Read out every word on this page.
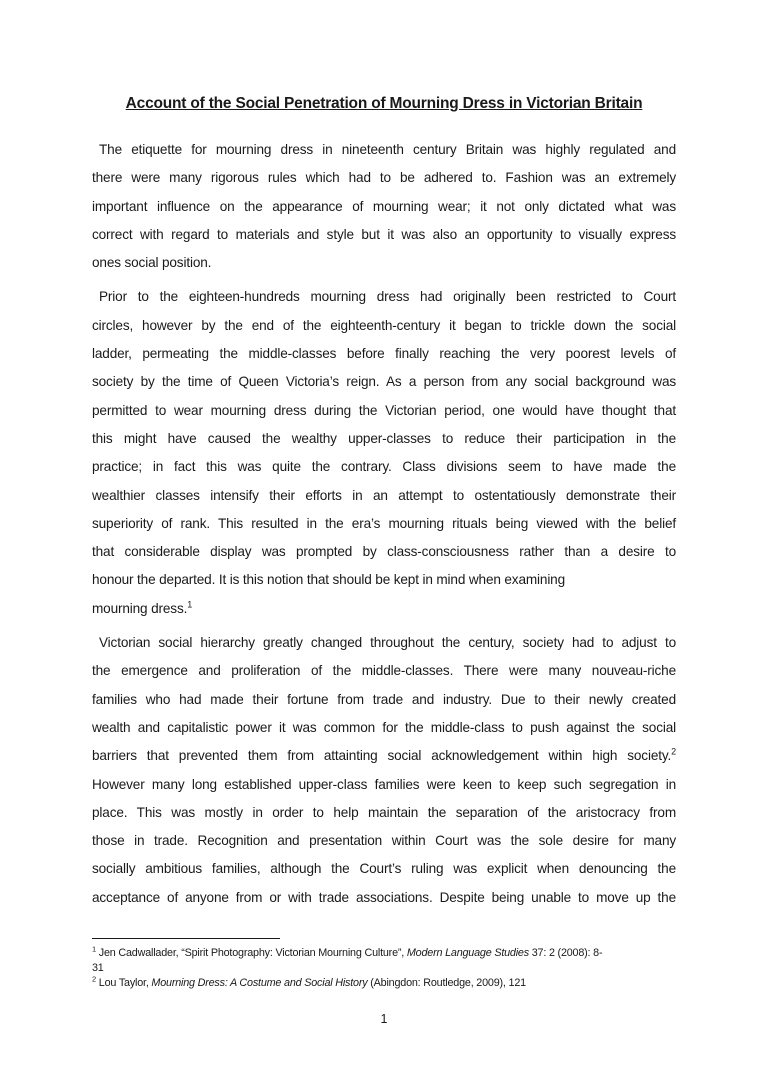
Account of the Social Penetration of Mourning Dress in Victorian Britain
The etiquette for mourning dress in nineteenth century Britain was highly regulated and
there were many rigorous rules which had to be adhered to. Fashion was an extremely
important influence on the appearance of mourning wear; it not only dictated what was
correct with regard to materials and style but it was also an opportunity to visually express
ones social position.
Prior to the eighteen-hundreds mourning dress had originally been restricted to Court
circles, however by the end of the eighteenth-century it began to trickle down the social
ladder, permeating the middle-classes before finally reaching the very poorest levels of
society by the time of Queen Victoria’s reign. As a person from any social background was
permitted to wear mourning dress during the Victorian period, one would have thought that
this might have caused the wealthy upper-classes to reduce their participation in the
practice; in fact this was quite the contrary. Class divisions seem to have made the
wealthier classes intensify their efforts in an attempt to ostentatiously demonstrate their
superiority of rank. This resulted in the era’s mourning rituals being viewed with the belief
that considerable display was prompted by class-consciousness rather than a desire to
honour the departed. It is this notion that should be kept in mind when examining
mourning dress.$^1$
Victorian social hierarchy greatly changed throughout the century, society had to adjust to
the emergence and proliferation of the middle-classes. There were many nouveau-riche
families who had made their fortune from trade and industry. Due to their newly created
wealth and capitalistic power it was common for the middle-class to push against the social
barriers that prevented them from attainting social acknowledgement within high society.$^2$
However many long established upper-class families were keen to keep such segregation in
place. This was mostly in order to help maintain the separation of the aristocracy from
those in trade. Recognition and presentation within Court was the sole desire for many
socially ambitious families, although the Court’s ruling was explicit when denouncing the
acceptance of anyone from or with trade associations. Despite being unable to move up the
$^1$ Jen Cadwallader, “Spirit Photography: Victorian Mourning Culture”, Modern Language Studies 37: 2 (2008): 8-
31
$^2$ Lou Taylor, Mourning Dress: A Costume and Social History (Abingdon: Routledge, 2009), 121
1
